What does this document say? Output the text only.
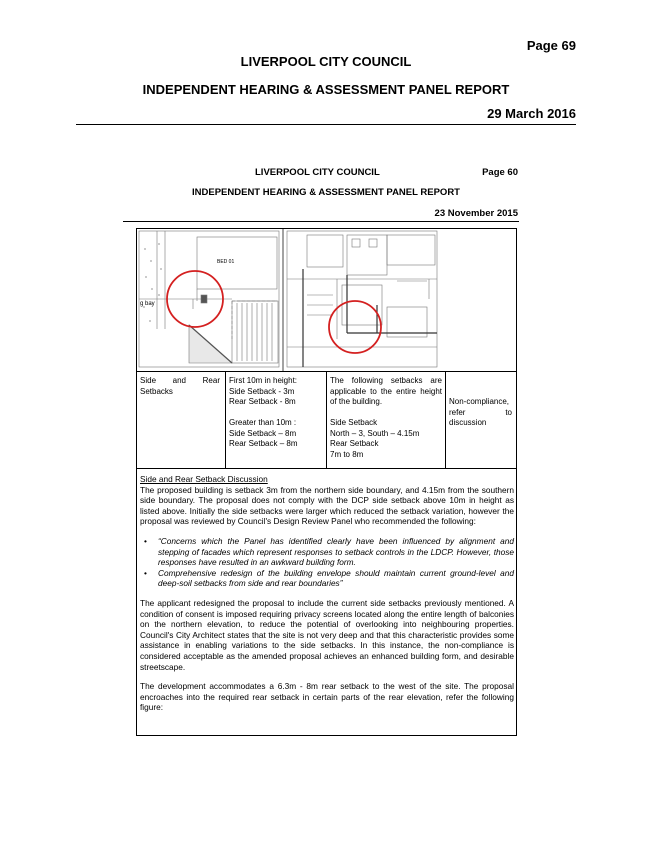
Page 69
LIVERPOOL CITY COUNCIL
INDEPENDENT HEARING & ASSESSMENT PANEL REPORT
29 March 2016
LIVERPOOL CITY COUNCIL	Page 60
INDEPENDENT HEARING & ASSESSMENT PANEL REPORT
23 November 2015
g bay
BED 01
Side and Rear Setbacks
First 10m in height:
Side Setback - 3m
Rear Setback - 8m
Greater than 10m :
Side Setback – 8m
Rear Setback – 8m
The following setbacks are applicable to the entire height of the building.
Side Setback
North – 3, South – 4.15m
Rear Setback
7m to 8m
Non-compliance, refer to discussion

Side and Rear Setback Discussion

The proposed building is setback 3m from the northern side boundary, and 4.15m from the southern side boundary. The proposal does not comply with the DCP side setback above 10m in height as listed above. Initially the side setbacks were larger which reduced the setback variation, however the proposal was reviewed by Council's Design Review Panel who recommended the following:

• “Concerns which the Panel has identified clearly have been influenced by alignment and stepping of facades which represent responses to setback controls in the LDCP. However, those responses have resulted in an awkward building form.
• Comprehensive redesign of the building envelope should maintain current ground-level and deep-soil setbacks from side and rear boundaries”

The applicant redesigned the proposal to include the current side setbacks previously mentioned. A condition of consent is imposed requiring privacy screens located along the entire length of balconies on the northern elevation, to reduce the potential of overlooking into neighbouring properties. Council's City Architect states that the site is not very deep and that this characteristic provides some assistance in enabling variations to the side setbacks. In this instance, the non-compliance is considered acceptable as the amended proposal achieves an enhanced building form, and desirable streetscape.

The development accommodates a 6.3m - 8m rear setback to the west of the site. The proposal encroaches into the required rear setback in certain parts of the rear elevation, refer the following figure:
